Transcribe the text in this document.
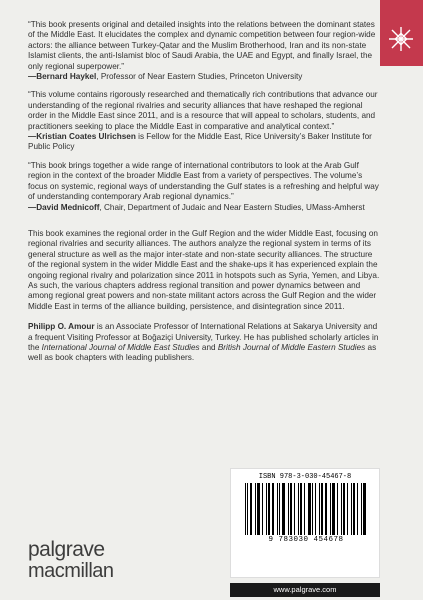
“This book presents original and detailed insights into the relations between the dominant states of the Middle East. It elucidates the complex and dynamic competition between four region-wide actors: the alliance between Turkey-Qatar and the Muslim Brotherhood, Iran and its non-state Islamist clients, the anti-Islamist bloc of Saudi Arabia, the UAE and Egypt, and finally Israel, the only regional superpower.”

—Bernard Haykel, Professor of Near Eastern Studies, Princeton University

“This volume contains rigorously researched and thematically rich contributions that advance our understanding of the regional rivalries and security alliances that have reshaped the regional order in the Middle East since 2011, and is a resource that will appeal to scholars, students, and practitioners seeking to place the Middle East in comparative and analytical context.”

—Kristian Coates Ulrichsen is Fellow for the Middle East, Rice University’s Baker Institute for Public Policy

“This book brings together a wide range of international contributors to look at the Arab Gulf region in the context of the broader Middle East from a variety of perspectives. The volume’s focus on systemic, regional ways of understanding the Gulf states is a refreshing and helpful way of understanding contemporary Arab regional dynamics.”

—David Mednicoff, Chair, Department of Judaic and Near Eastern Studies, UMass-Amherst

This book examines the regional order in the Gulf Region and the wider Middle East, focusing on regional rivalries and security alliances. The authors analyze the regional system in terms of its general structure as well as the major inter-state and non-state security alliances. The structure of the regional system in the wider Middle East and the shake-ups it has experienced explain the ongoing regional rivalry and polarization since 2011 in hotspots such as Syria, Yemen, and Libya. As such, the various chapters address regional transition and power dynamics between and among regional great powers and non-state militant actors across the Gulf Region and the wider Middle East in terms of the alliance building, persistence, and disintegration since 2011.

Philipp O. Amour is an Associate Professor of International Relations at Sakarya University and a frequent Visiting Professor at Boğaziçi University, Turkey. He has published scholarly articles in the International Journal of Middle East Studies and British Journal of Middle Eastern Studies as well as book chapters with leading publishers.

palgrave
macmillan
ISBN 978-3-030-45467-8
9 783030 454678
www.palgrave.com
